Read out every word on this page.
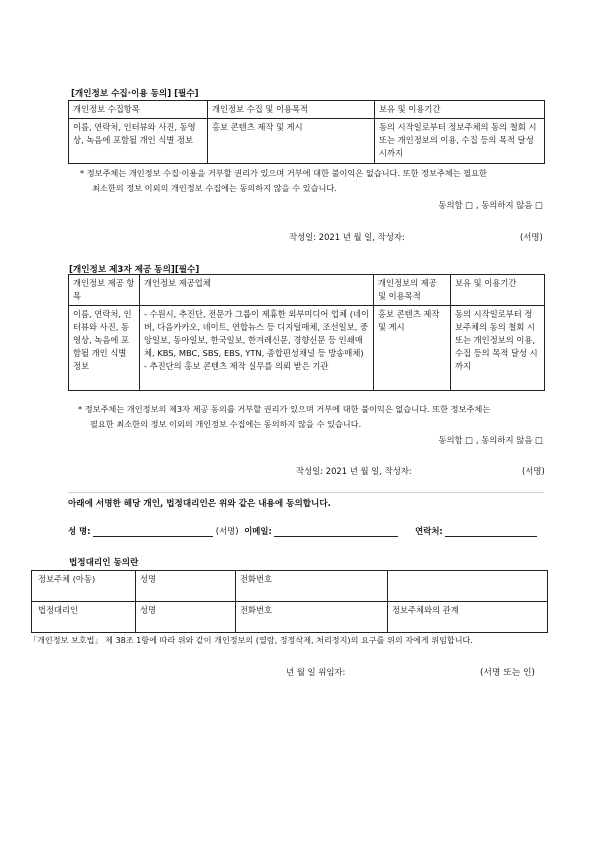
[개인정보 수집·이용 동의] [필수]
개인정보 수집항목	개인정보 수집 및 이용목적	보유 및 이용기간
이름, 연락처, 인터뷰와 사진, 동영상, 녹음에 포함될 개인 식별 정보	홍보 콘텐츠 제작 및 게시	동의 시작일로부터 정보주체의 동의 철회 시 또는 개인정보의 이용, 수집 등의 목적 달성 시까지
* 정보주체는 개인정보 수집·이용을 거부할 권리가 있으며 거부에 대한 불이익은 없습니다. 또한 정보주체는 필요한
최소한의 정보 이외의 개인정보 수집에는 동의하지 않을 수 있습니다.
동의함 □ , 동의하지 않음 □
작성일: 2021 년 월 일, 작성자:	(서명)
[개인정보 제3자 제공 동의][필수]
개인정보 제공 항목	개인정보 제공업체	개인정보의 제공 및 이용목적	보유 및 이용기간
이름, 연락처, 인터뷰와 사진, 동영상, 녹음에 포함될 개인 식별 정보	- 수원시, 추진단, 전문가 그룹이 제휴한 외부미디어 업체 (네이버, 다음카카오, 네이트, 연합뉴스 등 디지털매체, 조선일보, 중앙일보, 동아일보, 한국일보, 한겨레신문, 경향신문 등 인쇄매체, KBS, MBC, SBS, EBS, YTN, 종합편성채널 등 방송매체)
- 추진단의 홍보 콘텐츠 제작 실무를 의뢰 받은 기관	홍보 콘텐츠 제작 및 게시	동의 시작일로부터 정보주체의 동의 철회 시 또는 개인정보의 이용, 수집 등의 목적 달성 시까지
* 정보주체는 개인정보의 제3자 제공 동의를 거부할 권리가 있으며 거부에 대한 불이익은 없습니다. 또한 정보주체는
필요한 최소한의 정보 이외의 개인정보 수집에는 동의하지 않을 수 있습니다.
동의함 □ , 동의하지 않음 □
작성일: 2021 년 월 일, 작성자:	(서명)
아래에 서명한 해당 개인, 법정대리인은 위와 같은 내용에 동의합니다.
성 명:	(서명) 이메일:	연락처:
법정대리인 동의란
정보주체 (아동)	성명	전화번호	
법정대리인	성명	전화번호	정보주체와의 관계
「개인정보 보호법」 제 38조 1항에 따라 위와 같이 개인정보의 (열람, 정정삭제, 처리정지)의 요구를 위의 자에게 위임합니다.
년 월 일 위임자:	(서명 또는 인)
